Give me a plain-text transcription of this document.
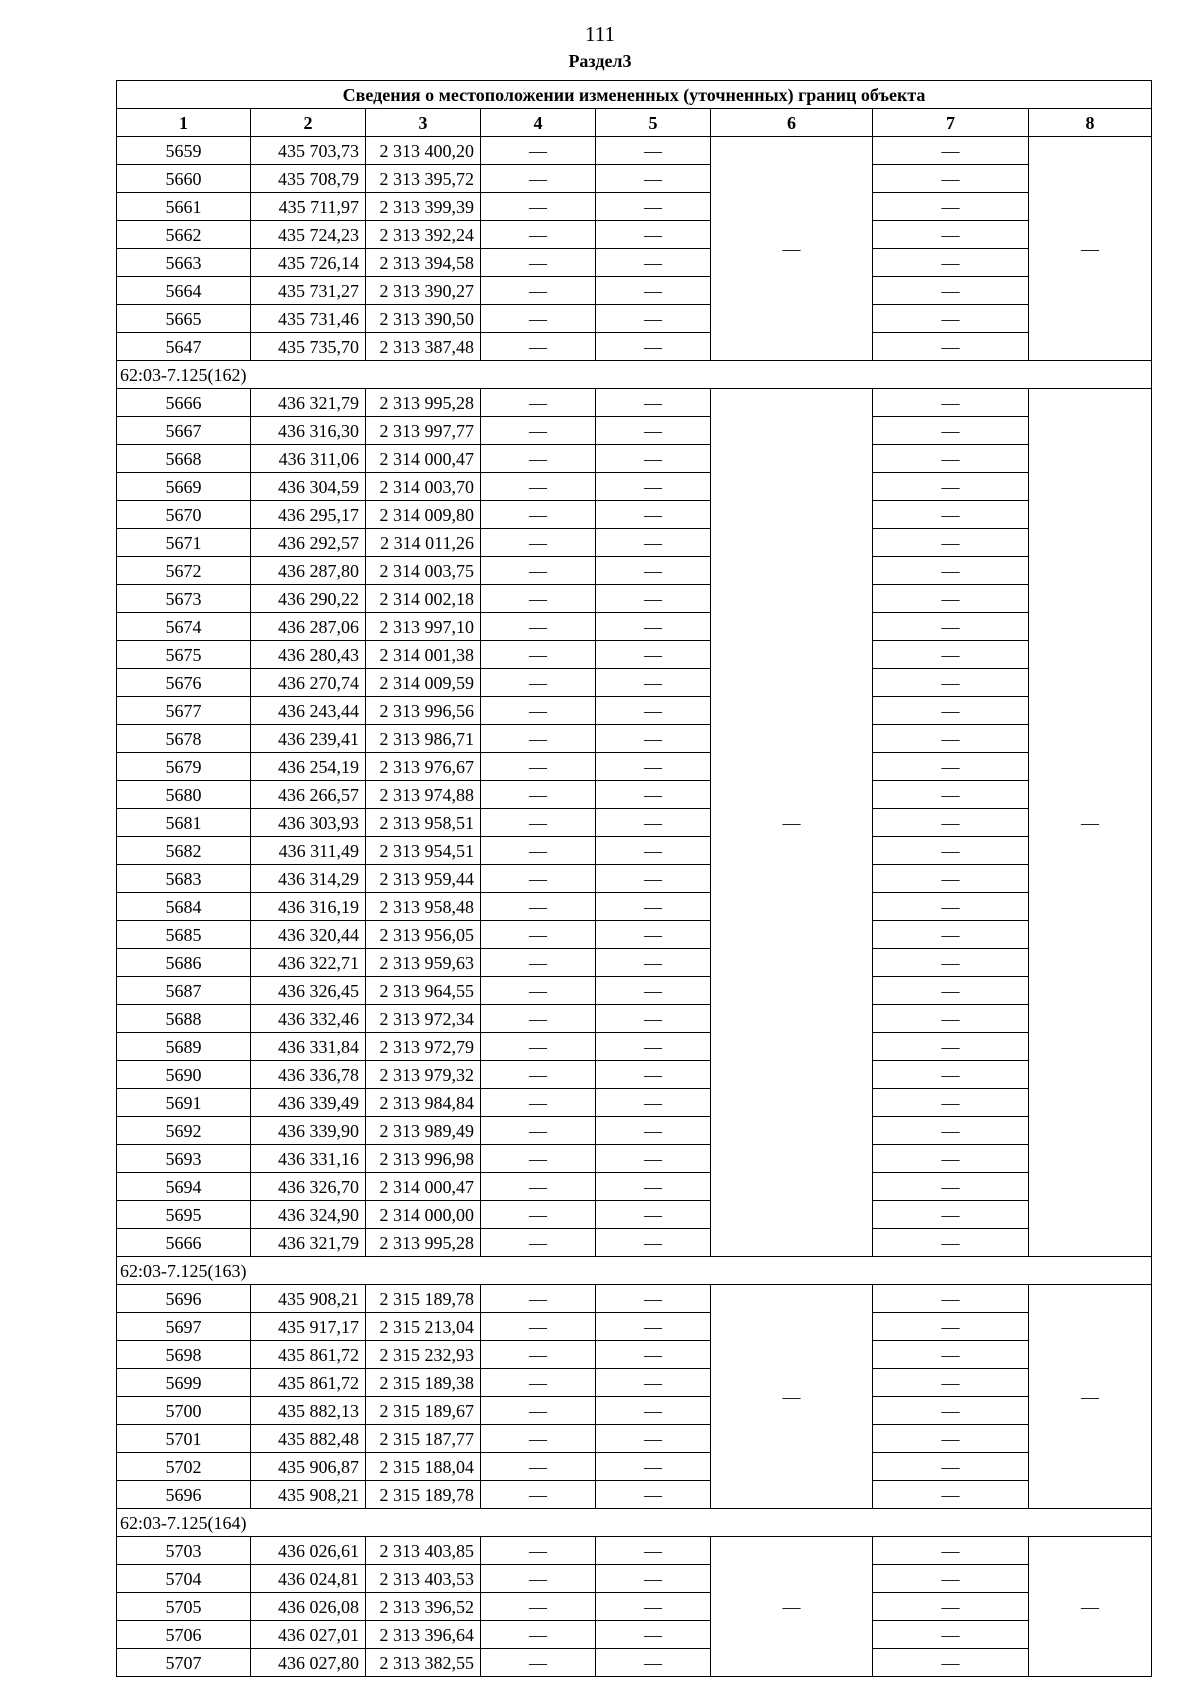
111
Раздел3
Сведения о местоположении измененных (уточненных) границ объекта							
1	2	3	4	5	6	7	8
5659	435 703,73	2 313 400,20	—	—	—	—	—
5660	435 708,79	2 313 395,72	—	—		—	
5661	435 711,97	2 313 399,39	—	—		—	
5662	435 724,23	2 313 392,24	—	—		—	
5663	435 726,14	2 313 394,58	—	—		—	
5664	435 731,27	2 313 390,27	—	—		—	
5665	435 731,46	2 313 390,50	—	—		—	
5647	435 735,70	2 313 387,48	—	—		—	
62:03-7.125(162)							
5666	436 321,79	2 313 995,28	—	—	—	—	—
5667	436 316,30	2 313 997,77	—	—		—	
5668	436 311,06	2 314 000,47	—	—		—	
5669	436 304,59	2 314 003,70	—	—		—	
5670	436 295,17	2 314 009,80	—	—		—	
5671	436 292,57	2 314 011,26	—	—		—	
5672	436 287,80	2 314 003,75	—	—		—	
5673	436 290,22	2 314 002,18	—	—		—	
5674	436 287,06	2 313 997,10	—	—		—	
5675	436 280,43	2 314 001,38	—	—		—	
5676	436 270,74	2 314 009,59	—	—		—	
5677	436 243,44	2 313 996,56	—	—		—	
5678	436 239,41	2 313 986,71	—	—		—	
5679	436 254,19	2 313 976,67	—	—		—	
5680	436 266,57	2 313 974,88	—	—		—	
5681	436 303,93	2 313 958,51	—	—		—	
5682	436 311,49	2 313 954,51	—	—		—	
5683	436 314,29	2 313 959,44	—	—		—	
5684	436 316,19	2 313 958,48	—	—		—	
5685	436 320,44	2 313 956,05	—	—		—	
5686	436 322,71	2 313 959,63	—	—		—	
5687	436 326,45	2 313 964,55	—	—		—	
5688	436 332,46	2 313 972,34	—	—		—	
5689	436 331,84	2 313 972,79	—	—		—	
5690	436 336,78	2 313 979,32	—	—		—	
5691	436 339,49	2 313 984,84	—	—		—	
5692	436 339,90	2 313 989,49	—	—		—	
5693	436 331,16	2 313 996,98	—	—		—	
5694	436 326,70	2 314 000,47	—	—		—	
5695	436 324,90	2 314 000,00	—	—		—	
5666	436 321,79	2 313 995,28	—	—		—	
62:03-7.125(163)							
5696	435 908,21	2 315 189,78	—	—	—	—	—
5697	435 917,17	2 315 213,04	—	—		—	
5698	435 861,72	2 315 232,93	—	—		—	
5699	435 861,72	2 315 189,38	—	—		—	
5700	435 882,13	2 315 189,67	—	—		—	
5701	435 882,48	2 315 187,77	—	—		—	
5702	435 906,87	2 315 188,04	—	—		—	
5696	435 908,21	2 315 189,78	—	—		—	
62:03-7.125(164)							
5703	436 026,61	2 313 403,85	—	—	—	—	—
5704	436 024,81	2 313 403,53	—	—		—	
5705	436 026,08	2 313 396,52	—	—		—	
5706	436 027,01	2 313 396,64	—	—		—	
5707	436 027,80	2 313 382,55	—	—		—	
